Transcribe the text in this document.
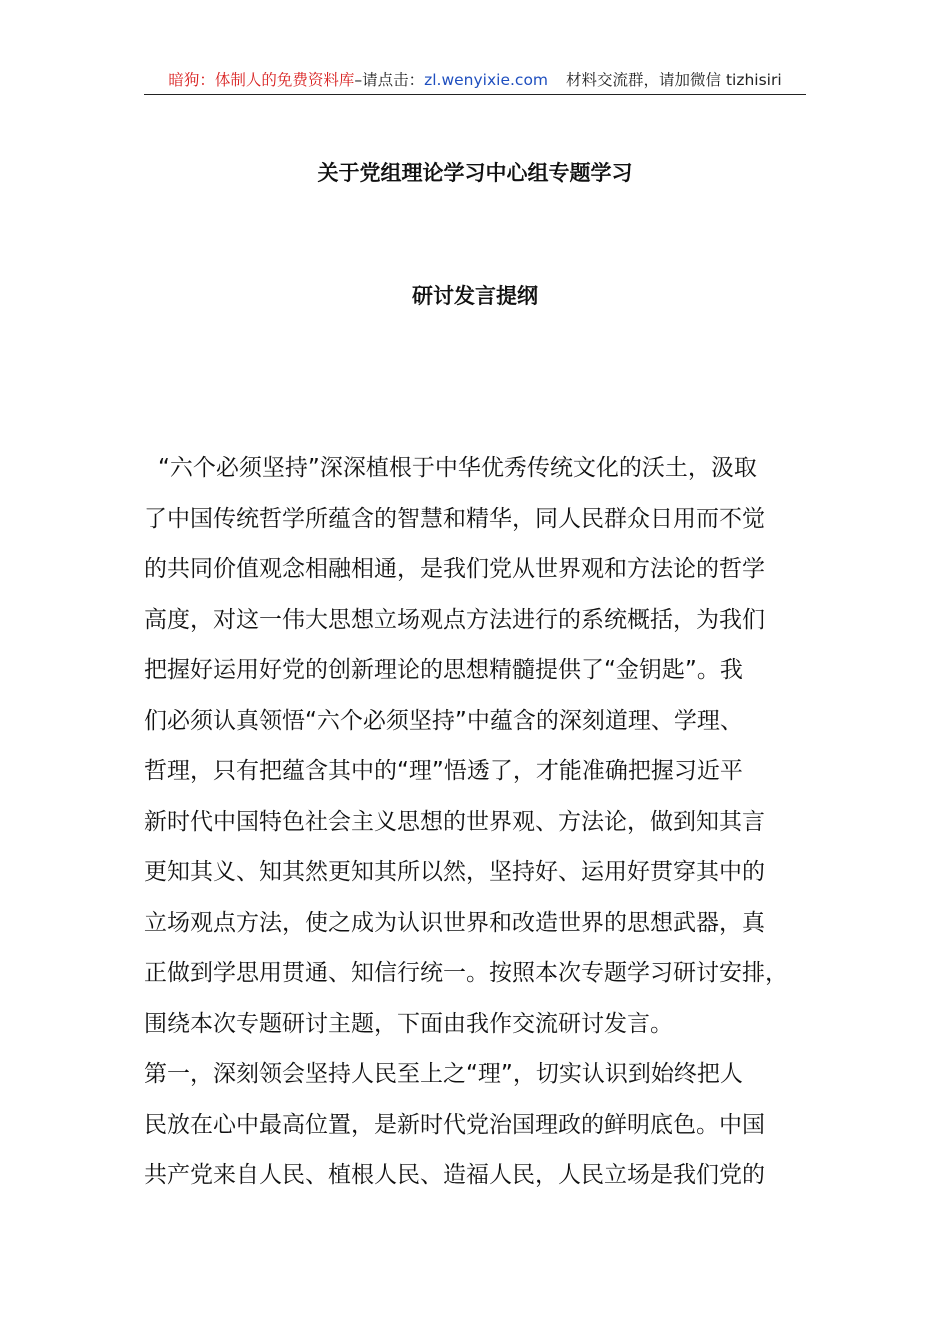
暗狗：体制人的免费资料库–请点击：zl.wenyixie.com 材料交流群，请加微信 tizhisiri
关于党组理论学习中心组专题学习
研讨发言提纲
“六个必须坚持”深深植根于中华优秀传统文化的沃土，汲取
了中国传统哲学所蕴含的智慧和精华，同人民群众日用而不觉
的共同价值观念相融相通，是我们党从世界观和方法论的哲学
高度，对这一伟大思想立场观点方法进行的系统概括，为我们
把握好运用好党的创新理论的思想精髓提供了“金钥匙”。我
们必须认真领悟“六个必须坚持”中蕴含的深刻道理、学理、
哲理，只有把蕴含其中的“理”悟透了，才能准确把握习近平
新时代中国特色社会主义思想的世界观、方法论，做到知其言
更知其义、知其然更知其所以然，坚持好、运用好贯穿其中的
立场观点方法，使之成为认识世界和改造世界的思想武器，真
正做到学思用贯通、知信行统一。按照本次专题学习研讨安排，
围绕本次专题研讨主题，下面由我作交流研讨发言。
第一，深刻领会坚持人民至上之“理”，切实认识到始终把人
民放在心中最高位置，是新时代党治国理政的鲜明底色。中国
共产党来自人民、植根人民、造福人民，人民立场是我们党的
